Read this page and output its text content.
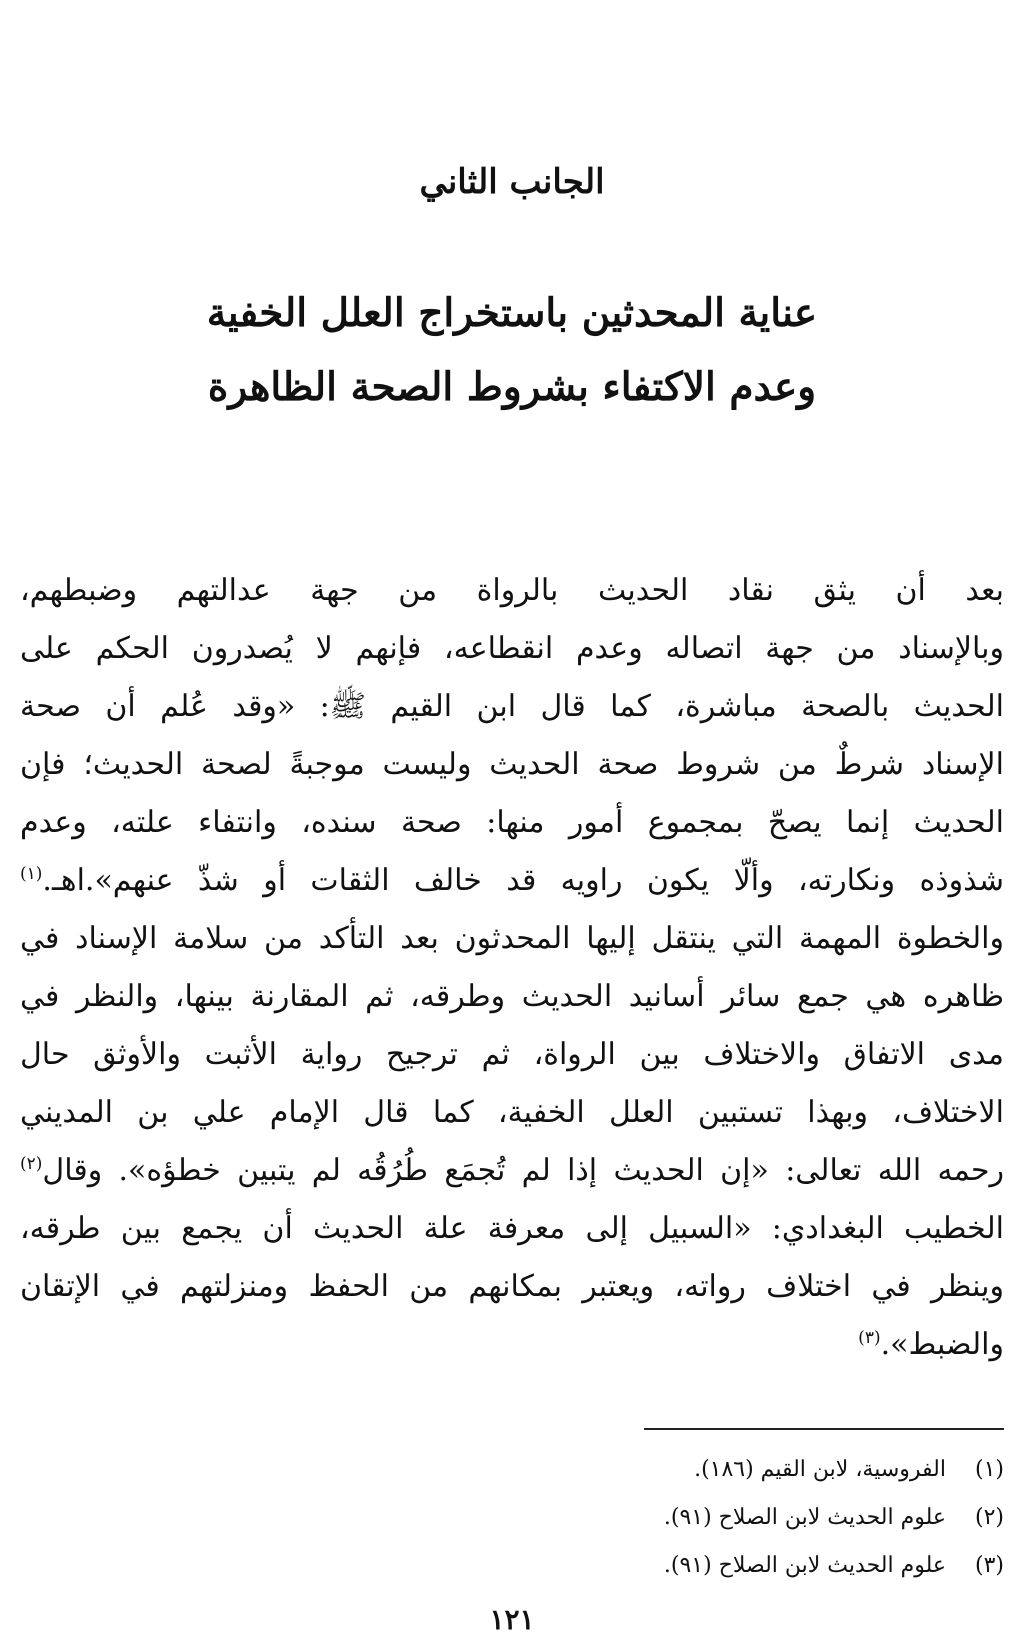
الجانب الثاني
عناية المحدثين باستخراج العلل الخفية
وعدم الاكتفاء بشروط الصحة الظاهرة
بعد أن يثق نقاد الحديث بالرواة من جهة عدالتهم وضبطهم،
وبالإسناد من جهة اتصاله وعدم انقطاعه، فإنهم لا يُصدرون الحكم على
الحديث بالصحة مباشرة، كما قال ابن القيم ﷺ: «وقد عُلم أن صحة
الإسناد شرطٌ من شروط صحة الحديث وليست موجبةً لصحة الحديث؛ فإن
الحديث إنما يصحّ بمجموع أمور منها: صحة سنده، وانتفاء علته، وعدم
شذوذه ونكارته، وألّا يكون راويه قد خالف الثقات أو شذّ عنهم».اهـ.$^{(١)}$
والخطوة المهمة التي ينتقل إليها المحدثون بعد التأكد من سلامة الإسناد في
ظاهره هي جمع سائر أسانيد الحديث وطرقه، ثم المقارنة بينها، والنظر في
مدى الاتفاق والاختلاف بين الرواة، ثم ترجيح رواية الأثبت والأوثق حال
الاختلاف، وبهذا تستبين العلل الخفية، كما قال الإمام علي بن المديني
رحمه الله تعالى: «إن الحديث إذا لم تُجمَع طُرُقُه لم يتبين خطؤه». وقال$^{(٢)}$
الخطيب البغدادي: «السبيل إلى معرفة علة الحديث أن يجمع بين طرقه،
وينظر في اختلاف رواته، ويعتبر بمكانهم من الحفظ ومنزلتهم في الإتقان
والضبط».$^{(٣)}$
(١)
الفروسية، لابن القيم (١٨٦).
(٢)
علوم الحديث لابن الصلاح (٩١).
(٣)
علوم الحديث لابن الصلاح (٩١).
١٢١
